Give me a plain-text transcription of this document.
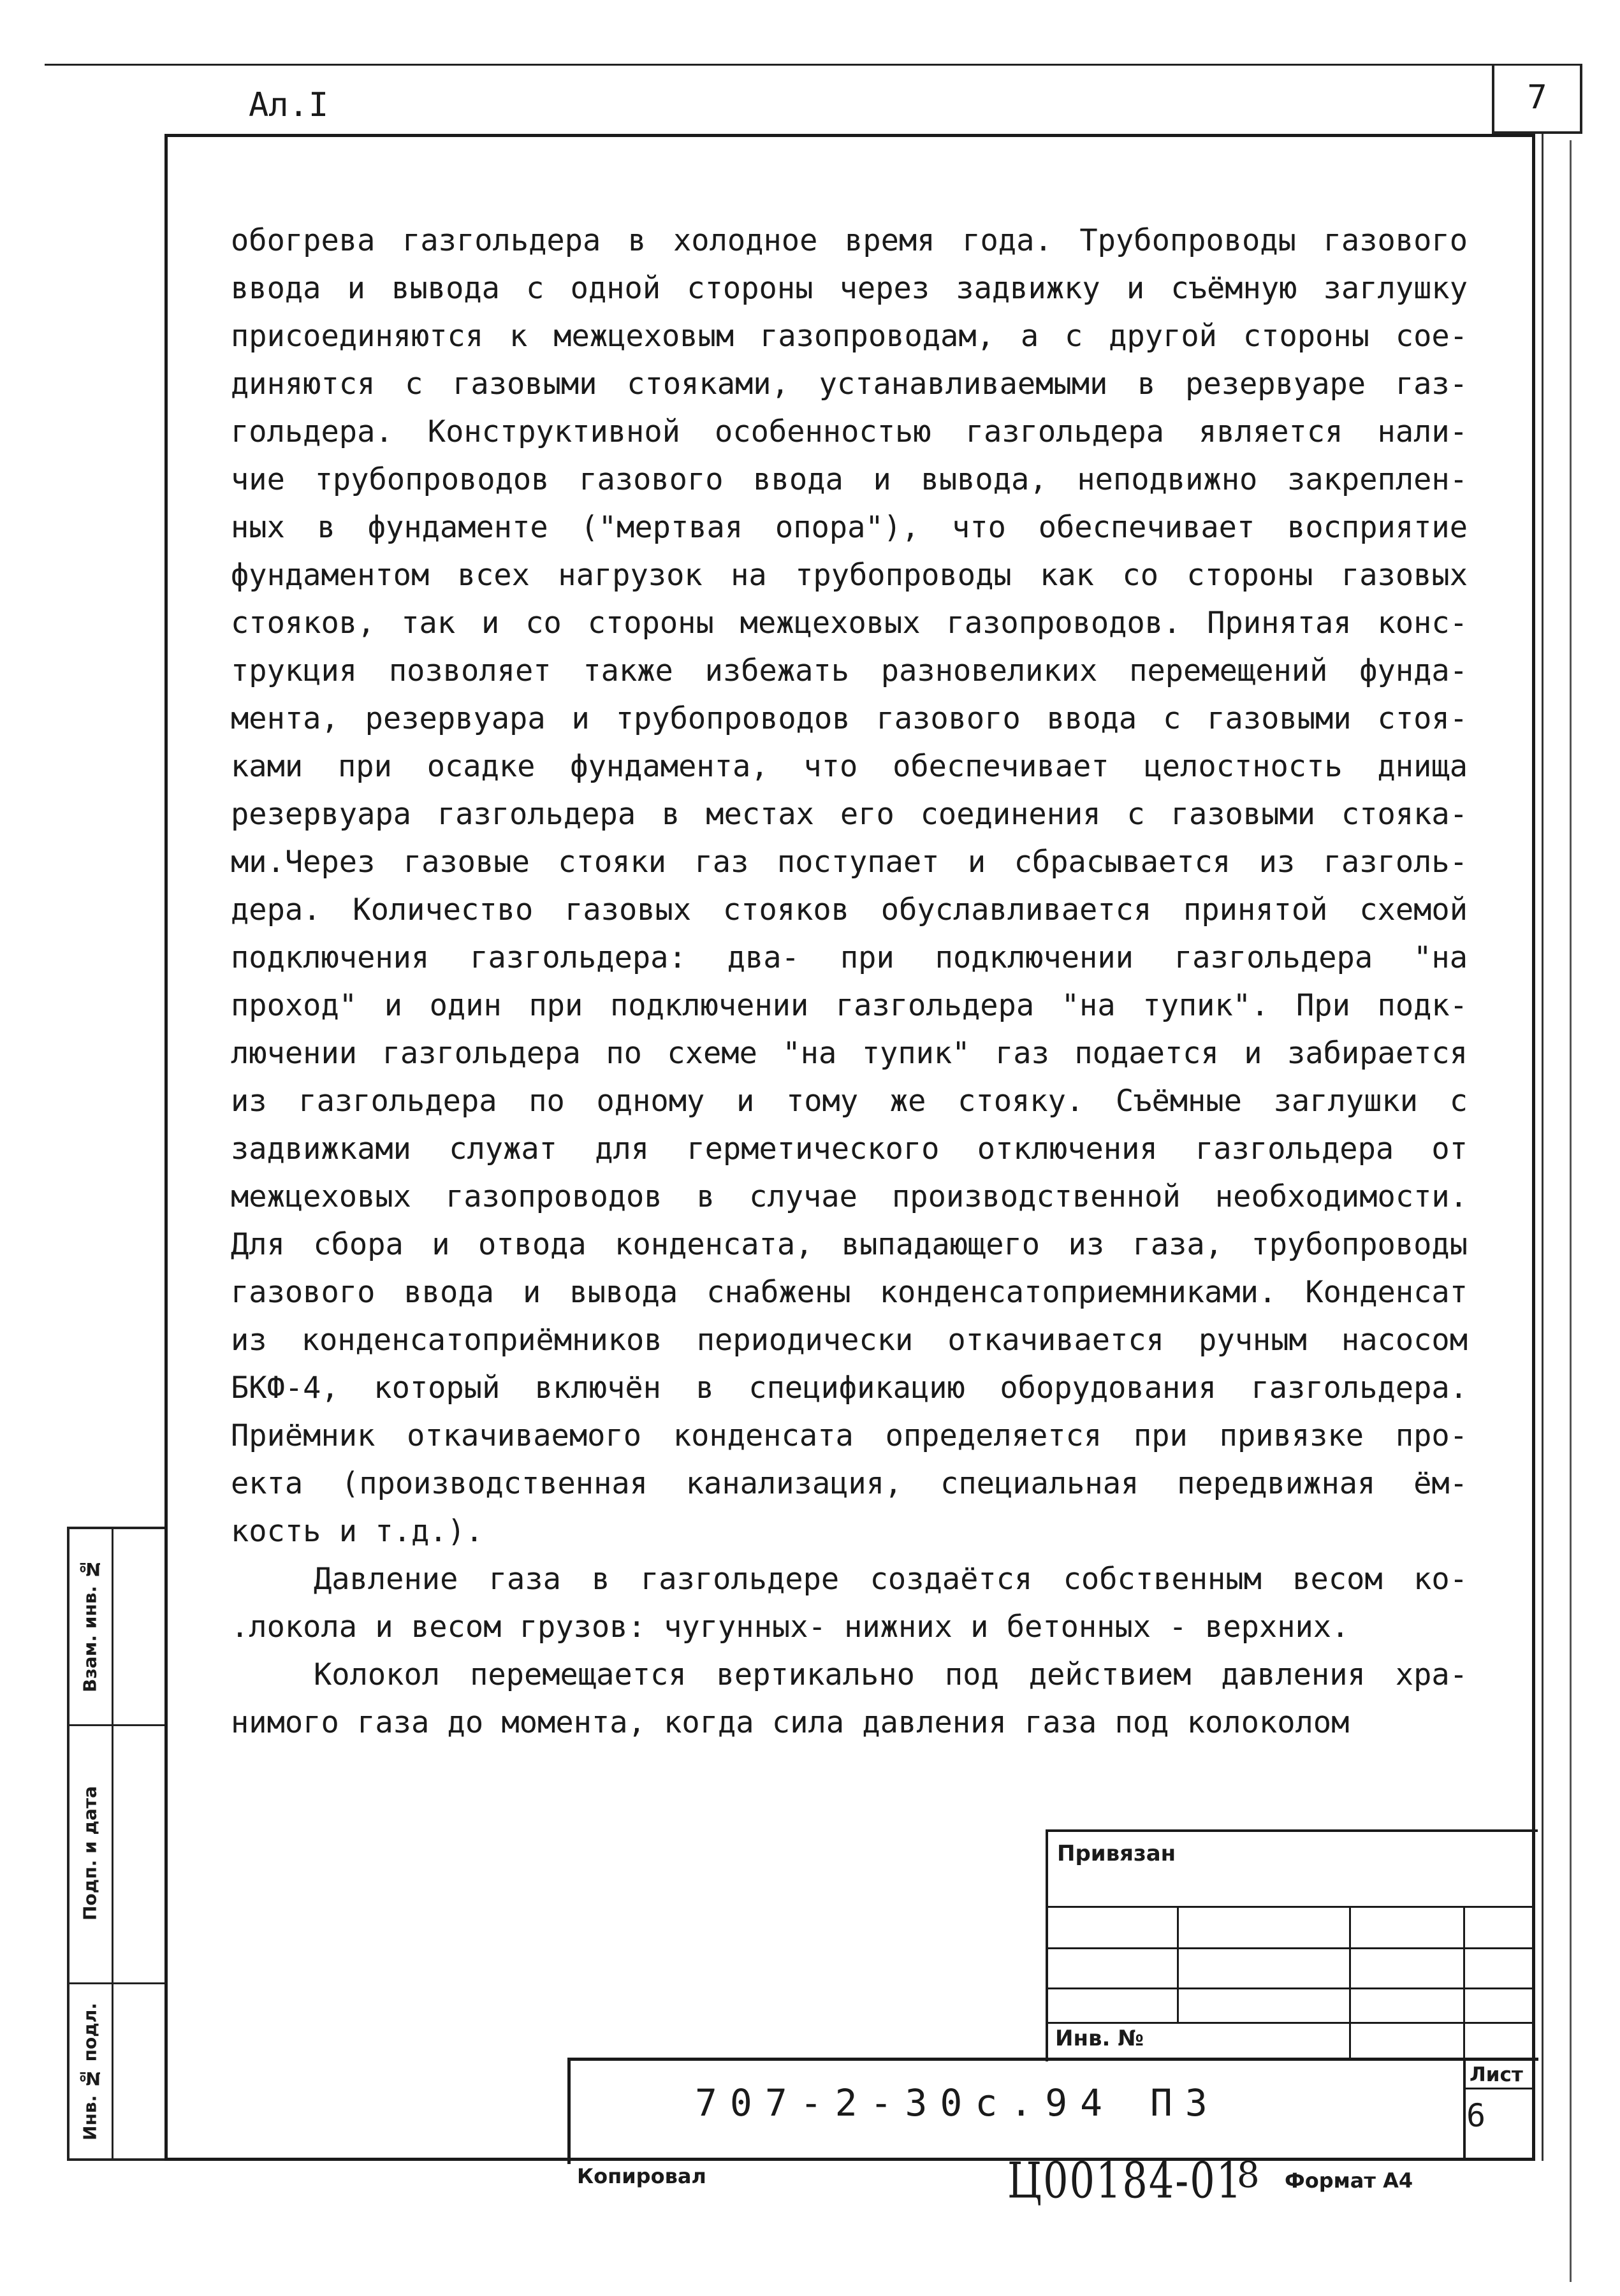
Ал.I	7

обогрева газгольдера в холодное время года. Трубопроводы газового
ввода и вывода с одной стороны через задвижку и съёмную заглушку
присоединяются к межцеховым газопроводам, а с другой стороны сое-
диняются с газовыми стояками, устанавливаемыми в резервуаре газ-
гольдера. Конструктивной особенностью газгольдера является нали-
чие трубопроводов газового ввода и вывода, неподвижно закреплен-
ных в фундаменте ("мертвая опора"), что обеспечивает восприятие
фундаментом всех нагрузок на трубопроводы как со стороны газовых
стояков, так и со стороны межцеховых газопроводов. Принятая конс-
трукция позволяет также избежать разновеликих перемещений фунда-
мента, резервуара и трубопроводов газового ввода с газовыми стоя-
ками при осадке фундамента, что обеспечивает целостность днища
резервуара газгольдера в местах его соединения с газовыми стояка-
ми.Через газовые стояки газ поступает и сбрасывается из газголь-
дера. Количество газовых стояков обуславливается принятой схемой
подключения газгольдера: два- при подключении газгольдера "на
проход" и один при подключении газгольдера "на тупик". При подк-
лючении газгольдера по схеме "на тупик" газ подается и забирается
из газгольдера по одному и тому же стояку. Съёмные заглушки с
задвижками служат для герметического отключения газгольдера от
межцеховых газопроводов в случае производственной необходимости.
Для сбора и отвода конденсата, выпадающего из газа, трубопроводы
газового ввода и вывода снабжены конденсатоприемниками. Конденсат
из конденсатоприёмников периодически откачивается ручным насосом
БКФ-4, который включён в спецификацию оборудования газгольдера.
Приёмник откачиваемого конденсата определяется при привязке про-
екта (производственная канализация, специальная передвижная ём-
кость и т.д.).

Давление газа в газгольдере создаётся собственным весом ко-
.локола и весом грузов: чугунных- нижних и бетонных - верхних.

Колокол перемещается вертикально под действием давления хра-
нимого газа до момента, когда сила давления газа под колоколом

Взам. инв. №
Подп. и дата
Инв. № подл.
Привязан
Инв. №
Лист
707-2-30с.94 ПЗ	6
Копировал	Ц00184-01
8 Формат А4
